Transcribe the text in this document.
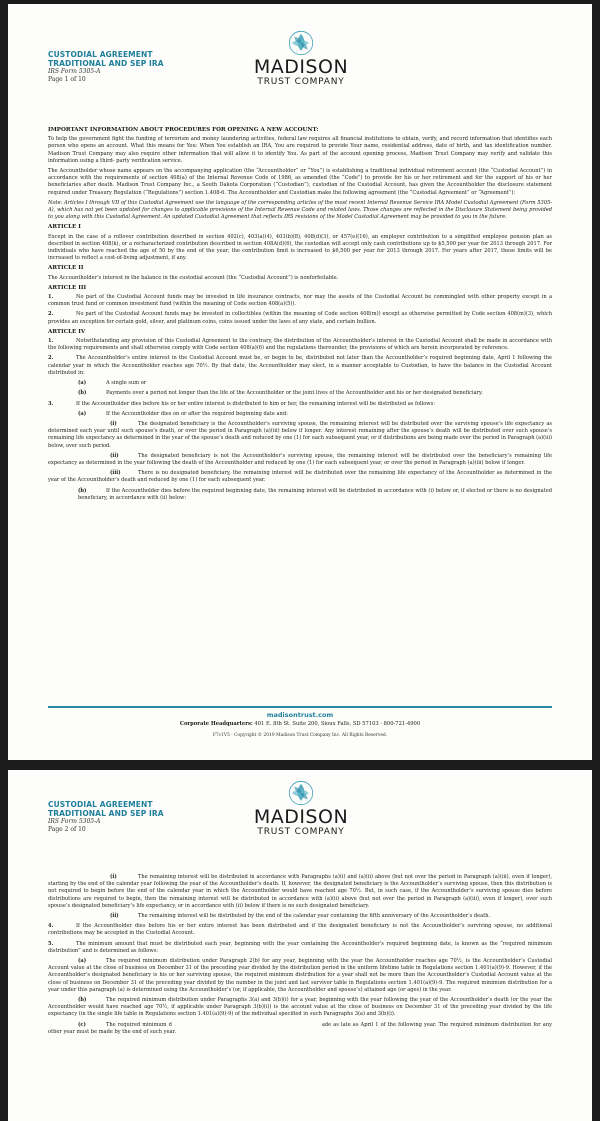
CUSTODIAL AGREEMENT
TRADITIONAL AND SEP IRA
IRS Form 5305-A
Page 1 of 10
MADISON
TRUST COMPANY
IMPORTANT INFORMATION ABOUT PROCEDURES FOR OPENING A NEW ACCOUNT:

To help the government fight the funding of terrorism and money laundering activities, federal law requires all financial institutions to obtain, verify, and record information that identifies each person who opens an account. What this means for You: When You establish an IRA, You are required to provide Your name, residential address, date of birth, and tax identification number. Madison Trust Company may also require other information that will allow it to identify You. As part of the account opening process, Madison Trust Company may verify and validate this information using a third- party verification service.

The Accountholder whose name appears on the accompanying application (the “Accountholder” or “You”) is establishing a traditional individual retirement account (the “Custodial Account”) in accordance with the requirements of section 408(a) of the Internal Revenue Code of 1986, as amended (the “Code”) to provide for his or her retirement and for the support of his or her beneficiaries after death. Madison Trust Company Inc., a South Dakota Corporation (“Custodian”), custodian of the Custodial Account, has given the Accountholder the disclosure statement required under Treasury Regulation (“Regulations”) section 1.408-6. The Accountholder and Custodian make the following agreement (the “Custodial Agreement” or “Agreement”):

Note: Articles I through VII of this Custodial Agreement use the language of the corresponding articles of the most recent Internal Revenue Service IRA Model Custodial Agreement (Form 5305-A), which has not yet been updated for changes to applicable provisions of the Internal Revenue Code and related laws. Those changes are reflected in the Disclosure Statement being provided to you along with this Custodial Agreement. An updated Custodial Agreement that reflects IRS revisions of the Model Custodial Agreement may be provided to you in the future.

ARTICLE I

Except in the case of a rollover contribution described in section 402(c), 403(a)(4), 403(b)(8), 408(d)(3), or 457(e)(16), an employer contribution to a simplified employee pension plan as described in section 408(k), or a recharacterized contribution described in section 408A(d)(6), the custodian will accept only cash contributions up to $5,500 per year for 2013 through 2017. For individuals who have reached the age of 50 by the end of the year, the contribution limit is increased to $6,500 per year for 2013 through 2017. For years after 2017, these limits will be increased to reflect a cost-of-living adjustment, if any.

ARTICLE II

The Accountholder’s interest in the balance in the custodial account (the “Custodial Account”) is nonforfeitable.

ARTICLE III

1.	No part of the Custodial Account funds may be invested in life insurance contracts, nor may the assets of the Custodial Account be commingled with other property except in a common trust fund or common investment fund (within the meaning of Code section 408(a)(5)).

2.	No part of the Custodial Account funds may be invested in collectibles (within the meaning of Code section 408(m)) except as otherwise permitted by Code section 408(m)(3), which provides an exception for certain gold, silver, and platinum coins, coins issued under the laws of any state, and certain bullion.

ARTICLE IV

1.	Notwithstanding any provision of this Custodial Agreement to the contrary, the distribution of the Accountholder’s interest in the Custodial Account shall be made in accordance with the following requirements and shall otherwise comply with Code section 408(a)(6) and the regulations thereunder, the provisions of which are herein incorporated by reference.

2.	The Accountholder’s entire interest in the Custodial Account must be, or begin to be, distributed not later than the Accountholder’s required beginning date, April 1 following the calendar year in which the Accountholder reaches age 70½. By that date, the Accountholder may elect, in a manner acceptable to Custodian, to have the balance in the Custodial Account distributed in:

(a)	A single sum or

(b)	Payments over a period not longer than the life of the Accountholder or the joint lives of the Accountholder and his or her designated beneficiary.

3.	If the Accountholder dies before his or her entire interest is distributed to him or her, the remaining interest will be distributed as follows:

(a)	If the Accountholder dies on or after the required beginning date and:

(i)	The designated beneficiary is the Accountholder’s surviving spouse, the remaining interest will be distributed over the surviving spouse’s life expectancy as determined each year until such spouse’s death, or over the period in Paragraph (a)(iii) below if longer. Any interest remaining after the spouse’s death will be distributed over such spouse’s remaining life expectancy as determined in the year of the spouse’s death and reduced by one (1) for each subsequent year, or if distributions are being made over the period in Paragraph (a)(iii) below, over such period.

(ii)	The designated beneficiary is not the Accountholder’s surviving spouse, the remaining interest will be distributed over the beneficiary’s remaining life expectancy as determined in the year following the death of the Accountholder and reduced by one (1) for each subsequent year, or over the period in Paragraph (a)(iii) below if longer.

(iii)	There is no designated beneficiary, the remaining interest will be distributed over the remaining life expectancy of the Accountholder as determined in the year of the Accountholder’s death and reduced by one (1) for each subsequent year.

(b)	If the Accountholder dies before the required beginning date, the remaining interest will be distributed in accordance with (i) below or, if elected or there is no designated beneficiary, in accordance with (ii) below:

madisontrust.com
Corporate Headquarters: 401 E. 8th St. Suite 200, Sioux Falls, SD 57103 · 800-721-4900
F7c1V5 · Copyright © 2019 Madison Trust Company Inc. All Rights Reserved.
CUSTODIAL AGREEMENT
TRADITIONAL AND SEP IRA
IRS Form 5305-A
Page 2 of 10
MADISON
TRUST COMPANY

(i)	The remaining interest will be distributed in accordance with Paragraphs (a)(i) and (a)(ii) above (but not over the period in Paragraph (a)(iii), even if longer), starting by the end of the calendar year following the year of the Accountholder’s death. If, however, the designated beneficiary is the Accountholder’s surviving spouse, then this distribution is not required to begin before the end of the calendar year in which the Accountholder would have reached age 70½. But, in such case, if the Accountholder’s surviving spouse dies before distributions are required to begin, then the remaining interest will be distributed in accordance with (a)(ii) above (but not over the period in Paragraph (a)(iii), even if longer), over such spouse’s designated beneficiary’s life expectancy, or in accordance with (ii) below if there is no such designated beneficiary.

(ii)	The remaining interest will be distributed by the end of the calendar year containing the fifth anniversary of the Accountholder’s death.

4.	If the Accountholder dies before his or her entire interest has been distributed and if the designated beneficiary is not the Accountholder’s surviving spouse, no additional contributions may be accepted in the Custodial Account.

5.	The minimum amount that must be distributed each year, beginning with the year containing the Accountholder’s required beginning date, is known as the “required minimum distribution” and is determined as follows:

(a)	The required minimum distribution under Paragraph 2(b) for any year, beginning with the year the Accountholder reaches age 70½, is the Accountholder’s Custodial Account value at the close of business on December 31 of the preceding year divided by the distribution period in the uniform lifetime table in Regulations section 1.401(a)(9)-9. However, if the Accountholder’s designated beneficiary is his or her surviving spouse, the required minimum distribution for a year shall not be more than the Accountholder’s Custodial Account value at the close of business on December 31 of the preceding year divided by the number in the joint and last survivor table in Regulations section 1.401(a)(9)-9. The required minimum distribution for a year under this paragraph (a) is determined using the Accountholder’s (or, if applicable, the Accountholder and spouse’s) attained age (or ages) in the year.

(b)	The required minimum distribution under Paragraphs 3(a) and 3(b)(i) for a year, beginning with the year following the year of the Accountholder’s death (or the year the Accountholder would have reached age 70½, if applicable under Paragraph 3(b)(i)) is the account value at the close of business on December 31 of the preceding year divided by the life expectancy (in the single life table in Regulations section 1.401(a)(9)-9) of the individual specified in such Paragraphs 3(a) and 3(b)(i).

(c)	The required minimum d	ade as late as April 1 of the following year. The required minimum distribution for any other year must be made by the end of such year.
